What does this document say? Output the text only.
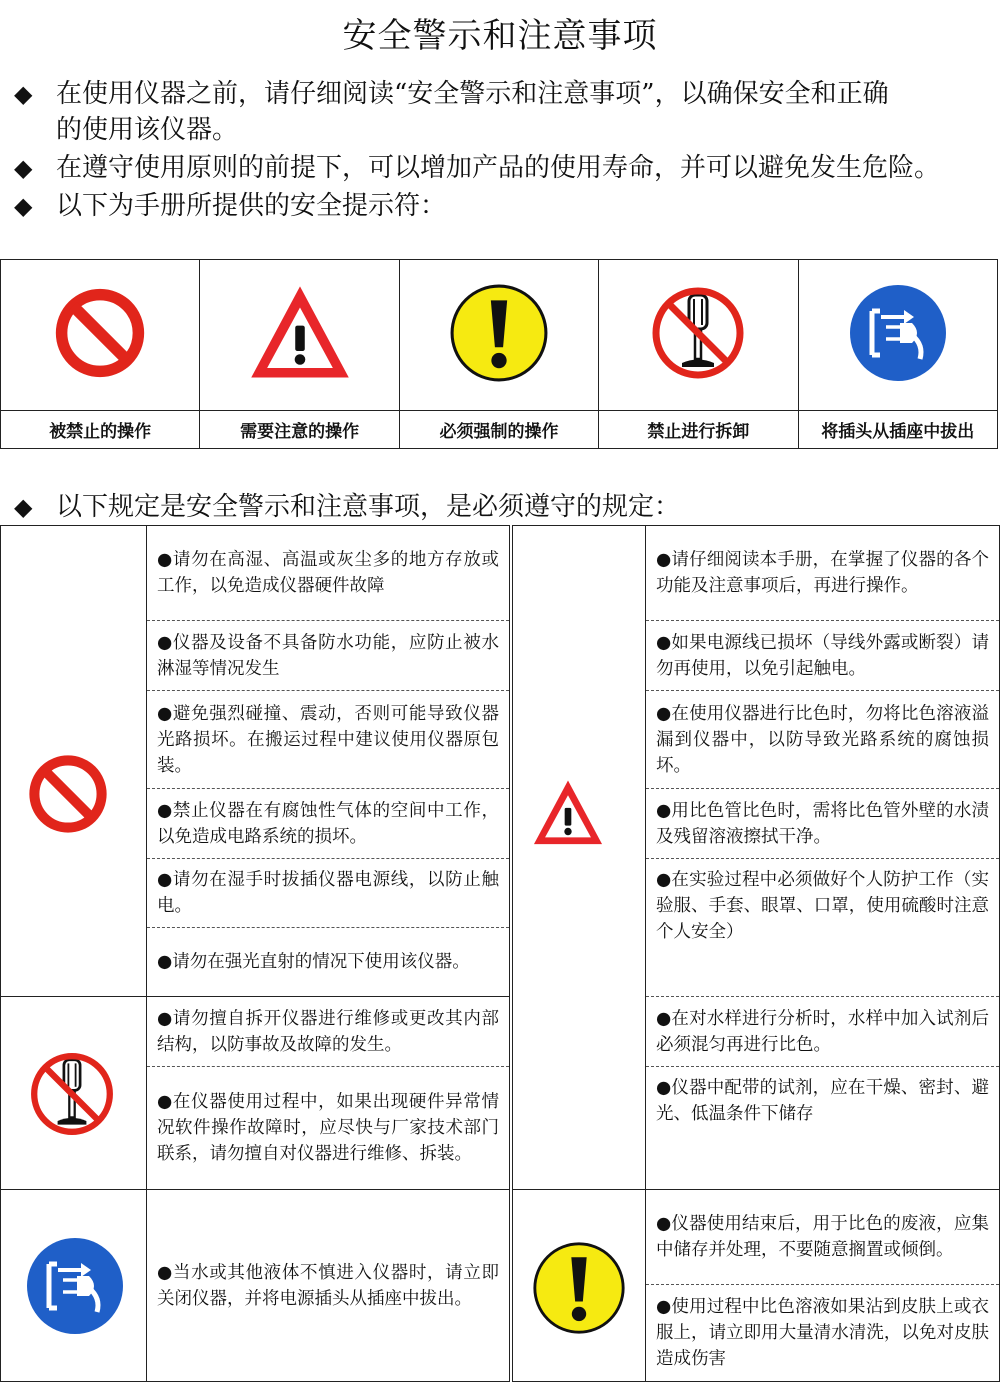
安全警示和注意事项
◆ 在使用仪器之前，请仔细阅读“安全警示和注意事项”，以确保安全和正确
的使用该仪器。
◆ 在遵守使用原则的前提下，可以增加产品的使用寿命，并可以避免发生危险。
◆ 以下为手册所提供的安全提示符：

被禁止的操作	需要注意的操作	必须强制的操作	禁止进行拆卸	将插头从插座中拔出
◆ 以下规定是安全警示和注意事项，是必须遵守的规定：
●请勿在高湿、高温或灰尘多的地方存放或工作，以免造成仪器硬件故障
●仪器及设备不具备防水功能，应防止被水淋湿等情况发生
●避免强烈碰撞、震动，否则可能导致仪器光路损坏。在搬运过程中建议使用仪器原包装。
●禁止仪器在有腐蚀性气体的空间中工作，以免造成电路系统的损坏。
●请勿在湿手时拔插仪器电源线，以防止触电。
●请勿在强光直射的情况下使用该仪器。
●请勿擅自拆开仪器进行维修或更改其内部结构，以防事故及故障的发生。
●在仪器使用过程中，如果出现硬件异常情况软件操作故障时，应尽快与厂家技术部门联系，请勿擅自对仪器进行维修、拆装。
●当水或其他液体不慎进入仪器时，请立即关闭仪器，并将电源插头从插座中拔出。
●请仔细阅读本手册，在掌握了仪器的各个功能及注意事项后，再进行操作。
●如果电源线已损坏（导线外露或断裂）请勿再使用，以免引起触电。
●在使用仪器进行比色时，勿将比色溶液溢漏到仪器中，以防导致光路系统的腐蚀损坏。
●用比色管比色时，需将比色管外壁的水渍及残留溶液擦拭干净。
●在实验过程中必须做好个人防护工作（实验服、手套、眼罩、口罩，使用硫酸时注意个人安全）
●在对水样进行分析时，水样中加入试剂后必须混匀再进行比色。
●仪器中配带的试剂，应在干燥、密封、避光、低温条件下储存
●仪器使用结束后，用于比色的废液，应集中储存并处理，不要随意搁置或倾倒。
●使用过程中比色溶液如果沾到皮肤上或衣服上，请立即用大量清水清洗，以免对皮肤造成伤害
